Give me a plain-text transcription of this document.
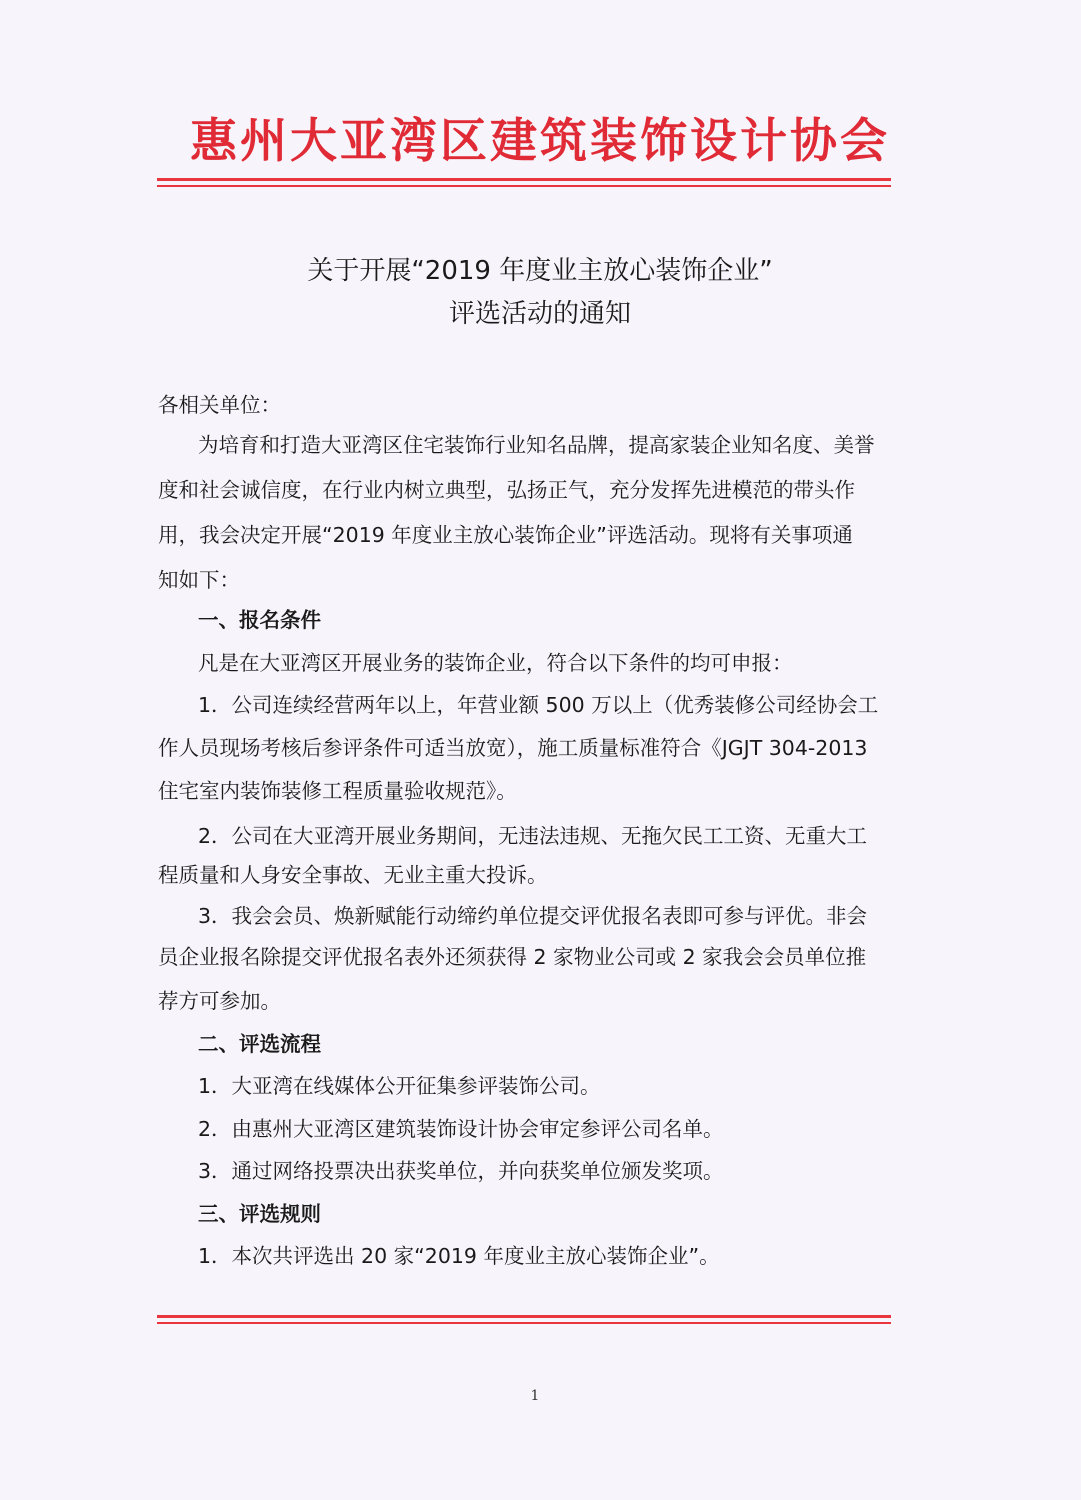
惠州大亚湾区建筑装饰设计协会
关于开展“2019 年度业主放心装饰企业”
评选活动的通知
各相关单位：
为培育和打造大亚湾区住宅装饰行业知名品牌，提高家装企业知名度、美誉
度和社会诚信度，在行业内树立典型，弘扬正气，充分发挥先进模范的带头作
用，我会决定开展“2019 年度业主放心装饰企业”评选活动。现将有关事项通
知如下：
一、报名条件
凡是在大亚湾区开展业务的装饰企业，符合以下条件的均可申报：
1．公司连续经营两年以上，年营业额 500 万以上（优秀装修公司经协会工
作人员现场考核后参评条件可适当放宽），施工质量标准符合《JGJT 304-2013
住宅室内装饰装修工程质量验收规范》。
2．公司在大亚湾开展业务期间，无违法违规、无拖欠民工工资、无重大工
程质量和人身安全事故、无业主重大投诉。
3．我会会员、焕新赋能行动缔约单位提交评优报名表即可参与评优。非会
员企业报名除提交评优报名表外还须获得 2 家物业公司或 2 家我会会员单位推
荐方可参加。
二、评选流程
1．大亚湾在线媒体公开征集参评装饰公司。
2．由惠州大亚湾区建筑装饰设计协会审定参评公司名单。
3．通过网络投票决出获奖单位，并向获奖单位颁发奖项。
三、评选规则
1．本次共评选出 20 家“2019 年度业主放心装饰企业”。
1
